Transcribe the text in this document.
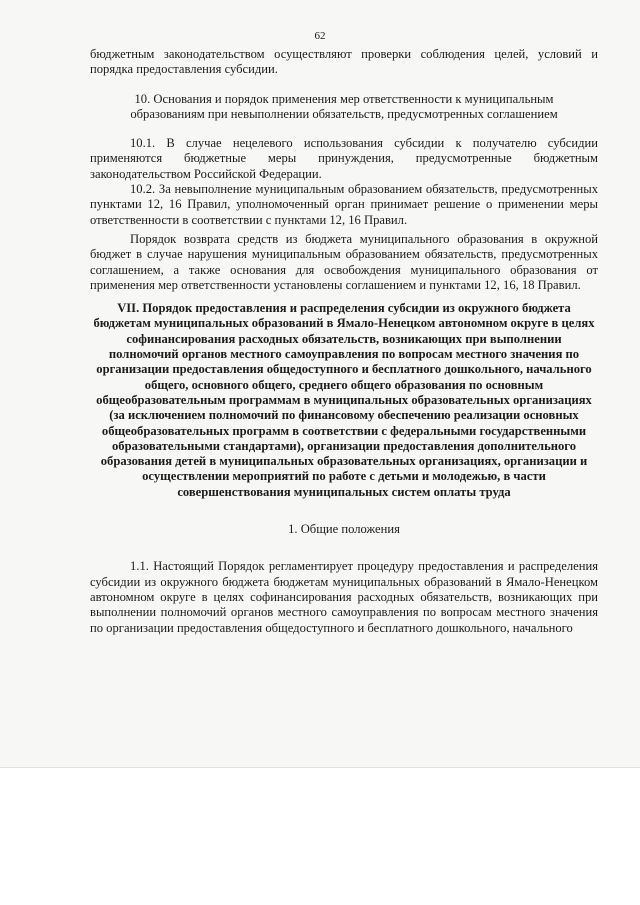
62

бюджетным законодательством осуществляют проверки соблюдения целей, условий и порядка предоставления субсидии.

10. Основания и порядок применения мер ответственности к муниципальным образованиям при невыполнении обязательств, предусмотренных соглашением

10.1. В случае нецелевого использования субсидии к получателю субсидии применяются бюджетные меры принуждения, предусмотренные бюджетным законодательством Российской Федерации.

10.2. За невыполнение муниципальным образованием обязательств, предусмотренных пунктами 12, 16 Правил, уполномоченный орган принимает решение о применении меры ответственности в соответствии с пунктами 12, 16 Правил.

Порядок возврата средств из бюджета муниципального образования в окружной бюджет в случае нарушения муниципальным образованием обязательств, предусмотренных соглашением, а также основания для освобождения муниципального образования от применения мер ответственности установлены соглашением и пунктами 12, 16, 18 Правил.

VII. Порядок предоставления и распределения субсидии из окружного бюджета бюджетам муниципальных образований в Ямало-Ненецком автономном округе в целях софинансирования расходных обязательств, возникающих при выполнении полномочий органов местного самоуправления по вопросам местного значения по организации предоставления общедоступного и бесплатного дошкольного, начального общего, основного общего, среднего общего образования по основным общеобразовательным программам в муниципальных образовательных организациях (за исключением полномочий по финансовому обеспечению реализации основных общеобразовательных программ в соответствии с федеральными государственными образовательными стандартами), организации предоставления дополнительного образования детей в муниципальных образовательных организациях, организации и осуществлении мероприятий по работе с детьми и молодежью, в части совершенствования муниципальных систем оплаты труда

1. Общие положения

1.1. Настоящий Порядок регламентирует процедуру предоставления и распределения субсидии из окружного бюджета бюджетам муниципальных образований в Ямало-Ненецком автономном округе в целях софинансирования расходных обязательств, возникающих при выполнении полномочий органов местного самоуправления по вопросам местного значения по организации предоставления общедоступного и бесплатного дошкольного, начального
